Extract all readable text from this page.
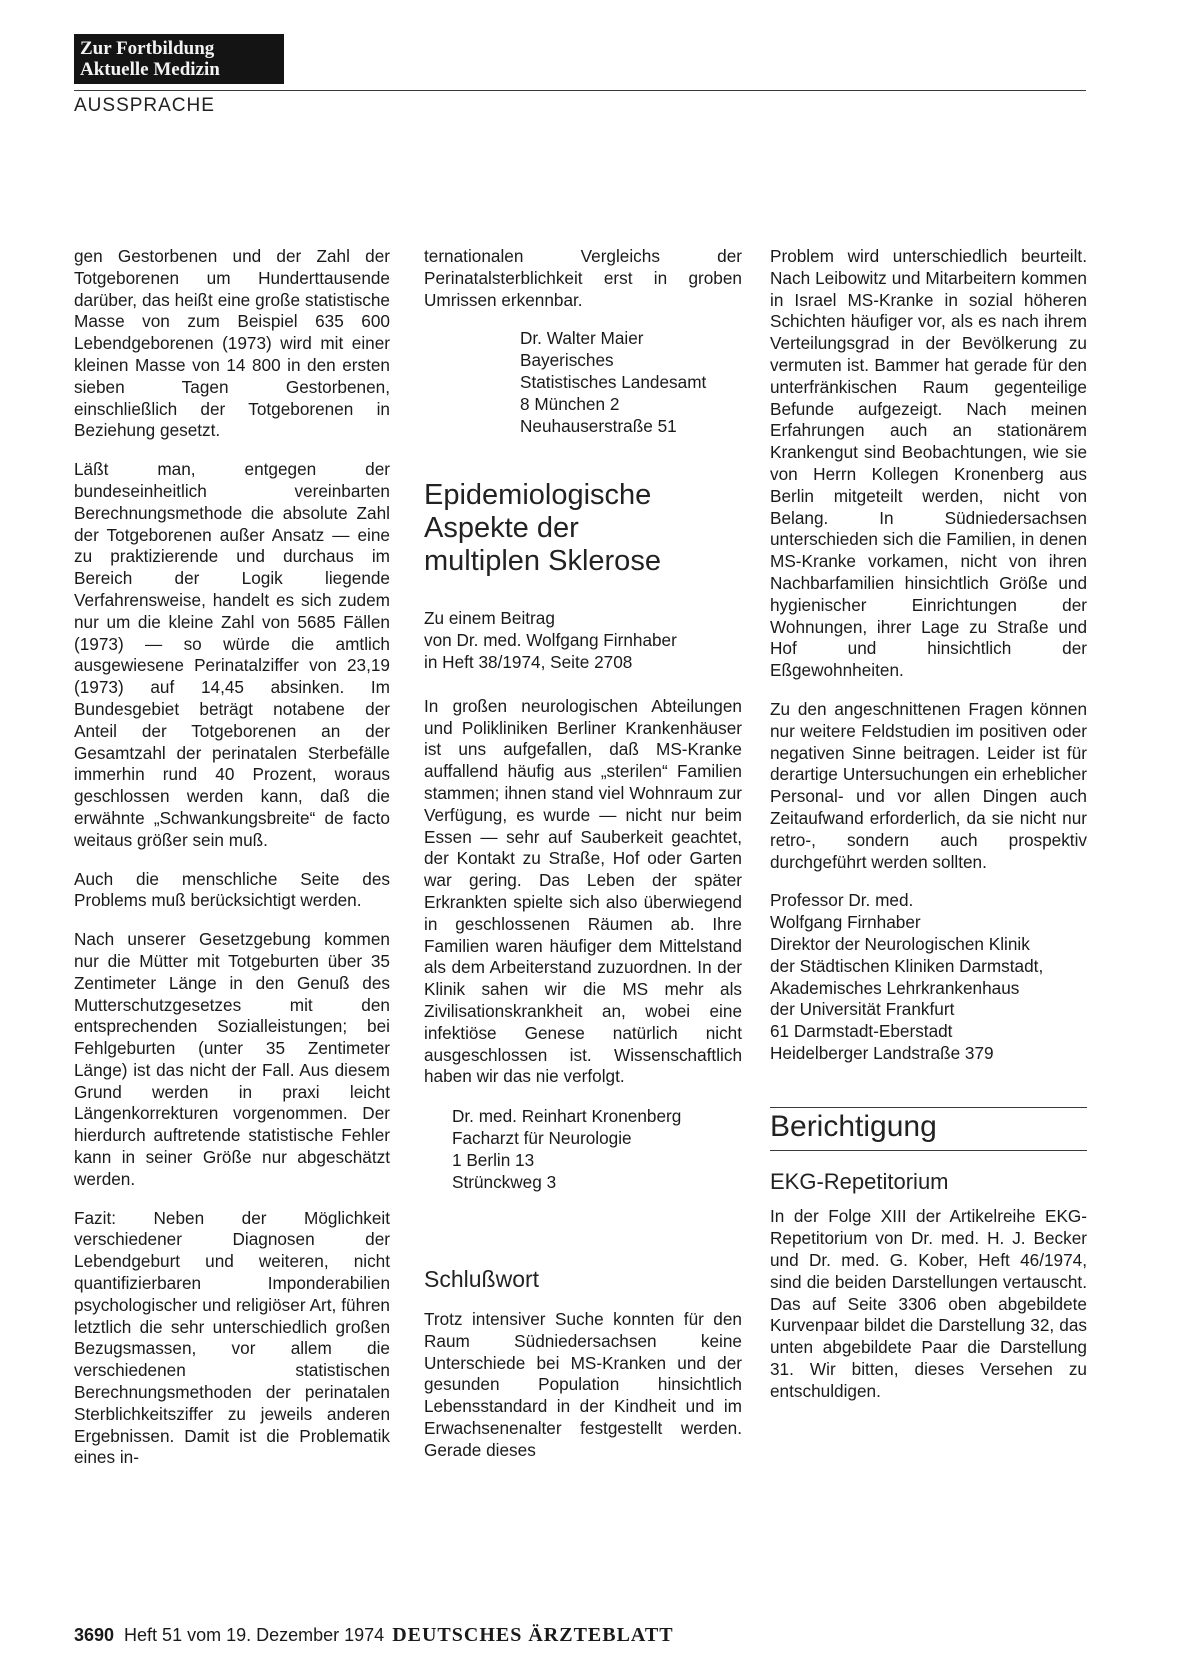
Zur Fortbildung
Aktuelle Medizin
AUSSPRACHE

gen Gestorbenen und der Zahl der Totgeborenen um Hunderttausende darüber, das heißt eine große statistische Masse von zum Beispiel 635 600 Lebendgeborenen (1973) wird mit einer kleinen Masse von 14 800 in den ersten sieben Tagen Gestorbenen, einschließlich der Totgeborenen in Beziehung gesetzt.

Läßt man, entgegen der bundeseinheitlich vereinbarten Berechnungsmethode die absolute Zahl der Totgeborenen außer Ansatz — eine zu praktizierende und durchaus im Bereich der Logik liegende Verfahrensweise, handelt es sich zudem nur um die kleine Zahl von 5685 Fällen (1973) — so würde die amtlich ausgewiesene Perinatalziffer von 23,19 (1973) auf 14,45 absinken. Im Bundesgebiet beträgt notabene der Anteil der Totgeborenen an der Gesamtzahl der perinatalen Sterbefälle immerhin rund 40 Prozent, woraus geschlossen werden kann, daß die erwähnte „Schwankungsbreite“ de facto weitaus größer sein muß.

Auch die menschliche Seite des Problems muß berücksichtigt werden.

Nach unserer Gesetzgebung kommen nur die Mütter mit Totgeburten über 35 Zentimeter Länge in den Genuß des Mutterschutzgesetzes mit den entsprechenden Sozialleistungen; bei Fehlgeburten (unter 35 Zentimeter Länge) ist das nicht der Fall. Aus diesem Grund werden in praxi leicht Längenkorrekturen vorgenommen. Der hierdurch auftretende statistische Fehler kann in seiner Größe nur abgeschätzt werden.

Fazit: Neben der Möglichkeit verschiedener Diagnosen der Lebendgeburt und weiteren, nicht quantifizierbaren Imponderabilien psychologischer und religiöser Art, führen letztlich die sehr unterschiedlich großen Bezugsmassen, vor allem die verschiedenen statistischen Berechnungsmethoden der perinatalen Sterblichkeitsziffer zu jeweils anderen Ergebnissen. Damit ist die Problematik eines in-

ternationalen Vergleichs der Perinatalsterblichkeit erst in groben Umrissen erkennbar.

Dr. Walter Maier
Bayerisches
Statistisches Landesamt
8 München 2
Neuhauserstraße 51
Epidemiologische
Aspekte der
multiplen Sklerose
Zu einem Beitrag
von Dr. med. Wolfgang Firnhaber
in Heft 38/1974, Seite 2708

In großen neurologischen Abteilungen und Polikliniken Berliner Krankenhäuser ist uns aufgefallen, daß MS-Kranke auffallend häufig aus „sterilen“ Familien stammen; ihnen stand viel Wohnraum zur Verfügung, es wurde — nicht nur beim Essen — sehr auf Sauberkeit geachtet, der Kontakt zu Straße, Hof oder Garten war gering. Das Leben der später Erkrankten spielte sich also überwiegend in geschlossenen Räumen ab. Ihre Familien waren häufiger dem Mittelstand als dem Arbeiterstand zuzuordnen. In der Klinik sahen wir die MS mehr als Zivilisationskrankheit an, wobei eine infektiöse Genese natürlich nicht ausgeschlossen ist. Wissenschaftlich haben wir das nie verfolgt.

Dr. med. Reinhart Kronenberg
Facharzt für Neurologie
1 Berlin 13
Strünckweg 3
Schlußwort

Trotz intensiver Suche konnten für den Raum Südniedersachsen keine Unterschiede bei MS-Kranken und der gesunden Population hinsichtlich Lebensstandard in der Kindheit und im Erwachsenenalter festgestellt werden. Gerade dieses

Problem wird unterschiedlich beurteilt. Nach Leibowitz und Mitarbeitern kommen in Israel MS-Kranke in sozial höheren Schichten häufiger vor, als es nach ihrem Verteilungsgrad in der Bevölkerung zu vermuten ist. Bammer hat gerade für den unterfränkischen Raum gegenteilige Befunde aufgezeigt. Nach meinen Erfahrungen auch an stationärem Krankengut sind Beobachtungen, wie sie von Herrn Kollegen Kronenberg aus Berlin mitgeteilt werden, nicht von Belang. In Südniedersachsen unterschieden sich die Familien, in denen MS-Kranke vorkamen, nicht von ihren Nachbarfamilien hinsichtlich Größe und hygienischer Einrichtungen der Wohnungen, ihrer Lage zu Straße und Hof und hinsichtlich der Eßgewohnheiten.

Zu den angeschnittenen Fragen können nur weitere Feldstudien im positiven oder negativen Sinne beitragen. Leider ist für derartige Untersuchungen ein erheblicher Personal- und vor allen Dingen auch Zeitaufwand erforderlich, da sie nicht nur retro-, sondern auch prospektiv durchgeführt werden sollten.

Professor Dr. med.
Wolfgang Firnhaber
Direktor der Neurologischen Klinik
der Städtischen Kliniken Darmstadt,
Akademisches Lehrkrankenhaus
der Universität Frankfurt
61 Darmstadt-Eberstadt
Heidelberger Landstraße 379
Berichtigung
EKG-Repetitorium

In der Folge XIII der Artikelreihe EKG-Repetitorium von Dr. med. H. J. Becker und Dr. med. G. Kober, Heft 46/1974, sind die beiden Darstellungen vertauscht. Das auf Seite 3306 oben abgebildete Kurvenpaar bildet die Darstellung 32, das unten abgebildete Paar die Darstellung 31. Wir bitten, dieses Versehen zu entschuldigen.

3690 Heft 51 vom 19. Dezember 1974 DEUTSCHES ÄRZTEBLATT
